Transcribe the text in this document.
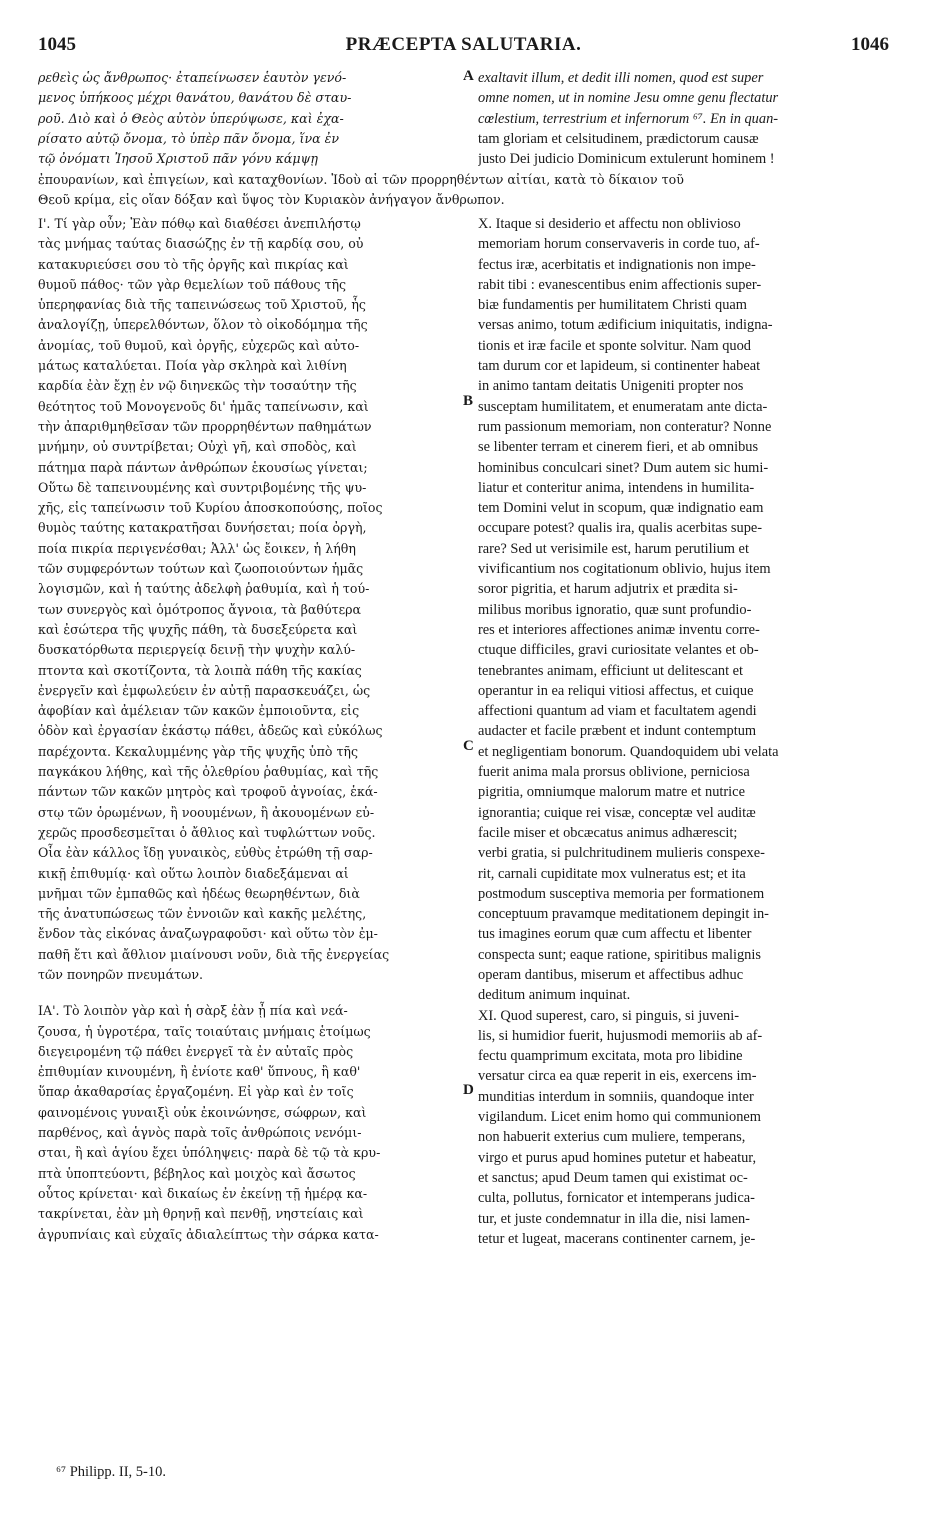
1045	PRÆCEPTA SALUTARIA.	1046
ρεθεὶς ὡς ἄνθρωπος· ἐταπείνωσεν ἑαυτὸν γενό-
μενος ὑπήκοος μέχρι θανάτου, θανάτου δὲ σταυ-
ροῦ. Διὸ καὶ ὁ Θεὸς αὐτὸν ὑπερύψωσε, καὶ ἐχα-
ρίσατο αὐτῷ ὄνομα, τὸ ὑπὲρ πᾶν ὄνομα, ἵνα ἐν
τῷ ὀνόματι Ἰησοῦ Χριστοῦ πᾶν γόνυ κάμψῃ
exaltavit illum, et dedit illi nomen, quod est super
omne nomen, ut in nomine Jesu omne genu flectatur
cœlestium, terrestrium et infernorum ⁶⁷. En in quan-
tam gloriam et celsitudinem, prædictorum causæ
justo Dei judicio Dominicum extulerunt hominem !
ἐπουρανίων, καὶ ἐπιγείων, καὶ καταχθονίων. Ἰδοὺ αἱ τῶν προρρηθέντων αἰτίαι, κατὰ τὸ δίκαιον τοῦ
Θεοῦ κρίμα, εἰς οἵαν δόξαν καὶ ὕψος τὸν Κυριακὸν ἀνήγαγον ἄνθρωπον.
Ι'. Τί γὰρ οὖν; Ἐὰν πόθῳ καὶ διαθέσει ἀνεπιλήστῳ
τὰς μνήμας ταύτας διασώζῃς ἐν τῇ καρδίᾳ σου, οὐ
κατακυριεύσει σου τὸ τῆς ὀργῆς καὶ πικρίας καὶ
θυμοῦ πάθος· τῶν γὰρ θεμελίων τοῦ πάθους τῆς
ὑπερηφανίας διὰ τῆς ταπεινώσεως τοῦ Χριστοῦ, ἧς
ἀναλογίζῃ, ὑπερελθόντων, ὅλον τὸ οἰκοδόμημα τῆς
ἀνομίας, τοῦ θυμοῦ, καὶ ὀργῆς, εὐχερῶς καὶ αὐτο-
μάτως καταλύεται. Ποία γὰρ σκληρὰ καὶ λιθίνη
καρδία ἐὰν ἔχῃ ἐν νῷ διηνεκῶς τὴν τοσαύτην τῆς
θεότητος τοῦ Μονογενοῦς δι' ἡμᾶς ταπείνωσιν, καὶ
τὴν ἀπαριθμηθεῖσαν τῶν προρρηθέντων παθημάτων
μνήμην, οὐ συντρίβεται; Οὐχὶ γῆ, καὶ σποδὸς, καὶ
πάτημα παρὰ πάντων ἀνθρώπων ἑκουσίως γίνεται;
Οὕτω δὲ ταπεινουμένης καὶ συντριβομένης τῆς ψυ-
χῆς, εἰς ταπείνωσιν τοῦ Κυρίου ἀποσκοπούσης, ποῖος
θυμὸς ταύτης κατακρατῆσαι δυνήσεται; ποία ὀργὴ,
ποία πικρία περιγενέσθαι; Ἀλλ' ὡς ἔοικεν, ἡ λήθη
τῶν συμφερόντων τούτων καὶ ζωοποιούντων ἡμᾶς
λογισμῶν, καὶ ἡ ταύτης ἀδελφὴ ῥαθυμία, καὶ ἡ τού-
των συνεργὸς καὶ ὁμότροπος ἄγνοια, τὰ βαθύτερα
καὶ ἐσώτερα τῆς ψυχῆς πάθη, τὰ δυσεξεύρετα καὶ
δυσκατόρθωτα περιεργείᾳ δεινῇ τὴν ψυχὴν καλύ-
πτοντα καὶ σκοτίζοντα, τὰ λοιπὰ πάθη τῆς κακίας
ἐνεργεῖν καὶ ἐμφωλεύειν ἐν αὐτῇ παρασκευάζει, ὡς
ἀφοβίαν καὶ ἀμέλειαν τῶν κακῶν ἐμποιοῦντα, εἰς
ὁδὸν καὶ ἐργασίαν ἑκάστῳ πάθει, ἀδεῶς καὶ εὐκόλως
παρέχοντα. Κεκαλυμμένης γὰρ τῆς ψυχῆς ὑπὸ τῆς
παγκάκου λήθης, καὶ τῆς ὀλεθρίου ῥαθυμίας, καὶ τῆς
πάντων τῶν κακῶν μητρὸς καὶ τροφοῦ ἀγνοίας, ἑκά-
στῳ τῶν ὁρωμένων, ἢ νοουμένων, ἢ ἀκουομένων εὐ-
χερῶς προσδεσμεῖται ὁ ἄθλιος καὶ τυφλώττων νοῦς.
Οἷα ἐὰν κάλλος ἴδῃ γυναικὸς, εὐθὺς ἐτρώθη τῇ σαρ-
κικῇ ἐπιθυμίᾳ· καὶ οὕτω λοιπὸν διαδεξάμεναι αἱ
μνῆμαι τῶν ἐμπαθῶς καὶ ἡδέως θεωρηθέντων, διὰ
τῆς ἀνατυπώσεως τῶν ἐννοιῶν καὶ κακῆς μελέτης,
ἔνδον τὰς εἰκόνας ἀναζωγραφοῦσι· καὶ οὕτω τὸν ἐμ-
παθῆ ἔτι καὶ ἄθλιον μιαίνουσι νοῦν, διὰ τῆς ἐνεργείας
τῶν πονηρῶν πνευμάτων.
ΙΑ'. Τὸ λοιπὸν γὰρ καὶ ἡ σὰρξ ἐὰν ᾖ πία καὶ νεά-
ζουσα, ἡ ὑγροτέρα, ταῖς τοιαύταις μνήμαις ἑτοίμως
διεγειρομένη τῷ πάθει ἐνεργεῖ τὰ ἐν αὐταῖς πρὸς
ἐπιθυμίαν κινουμένη, ἢ ἐνίοτε καθ' ὕπνους, ἢ καθ'
ὕπαρ ἀκαθαρσίας ἐργαζομένη. Εἰ γὰρ καὶ ἐν τοῖς
φαινομένοις γυναιξὶ οὐκ ἐκοινώνησε, σώφρων, καὶ
παρθένος, καὶ ἁγνὸς παρὰ τοῖς ἀνθρώποις νενόμι-
σται, ἢ καὶ ἁγίου ἔχει ὑπόληψεις· παρὰ δὲ τῷ τὰ κρυ-
πτὰ ὑποπτεύοντι, βέβηλος καὶ μοιχὸς καὶ ἄσωτος
οὗτος κρίνεται· καὶ δικαίως ἐν ἐκείνῃ τῇ ἡμέρᾳ κα-
τακρίνεται, ἐὰν μὴ θρηνῇ καὶ πενθῇ, νηστείαις καὶ
ἀγρυπνίαις καὶ εὐχαῖς ἀδιαλείπτως τὴν σάρκα κατα-
X. Itaque si desiderio et affectu non oblivioso
memoriam horum conservaveris in corde tuo, af-
fectus iræ, acerbitatis et indignationis non impe-
rabit tibi : evanescentibus enim affectionis super-
biæ fundamentis per humilitatem Christi quam
versas animo, totum ædificium iniquitatis, indigna-
tionis et iræ facile et sponte solvitur. Nam quod
tam durum cor et lapideum, si continenter habeat
in animo tantam deitatis Unigeniti propter nos
susceptam humilitatem, et enumeratam ante dicta-
rum passionum memoriam, non conteratur? Nonne
se libenter terram et cinerem fieri, et ab omnibus
hominibus conculcari sinet? Dum autem sic humi-
liatur et conteritur anima, intendens in humilita-
tem Domini velut in scopum, quæ indignatio eam
occupare potest? qualis ira, qualis acerbitas supe-
rare? Sed ut verisimile est, harum perutilium et
vivificantium nos cogitationum oblivio, hujus item
soror pigritia, et harum adjutrix et prædita si-
milibus moribus ignoratio, quæ sunt profundio-
res et interiores affectiones animæ inventu corre-
ctuque difficiles, gravi curiositate velantes et ob-
tenebrantes animam, efficiunt ut delitescant et
operantur in ea reliqui vitiosi affectus, et cuique
affectioni quantum ad viam et facultatem agendi
audacter et facile præbent et indunt contemptum
et negligentiam bonorum. Quandoquidem ubi velata
fuerit anima mala prorsus oblivione, perniciosa
pigritia, omniumque malorum matre et nutrice
ignorantia; cuique rei visæ, conceptæ vel auditæ
facile miser et obcæcatus animus adhærescit;
verbi gratia, si pulchritudinem mulieris conspexe-
rit, carnali cupiditate mox vulneratus est; et ita
postmodum susceptiva memoria per formationem
conceptuum pravamque meditationem depingit in-
tus imagines eorum quæ cum affectu et libenter
conspecta sunt; eaque ratione, spiritibus malignis
operam dantibus, miserum et affectibus adhuc
deditum animum inquinat.
XI. Quod superest, caro, si pinguis, si juveni-
lis, si humidior fuerit, hujusmodi memoriis ab af-
fectu quamprimum excitata, mota pro libidine
versatur circa ea quæ reperit in eis, exercens im-
munditias interdum in somniis, quandoque inter
vigilandum. Licet enim homo qui communionem
non habuerit exterius cum muliere, temperans,
virgo et purus apud homines putetur et habeatur,
et sanctus; apud Deum tamen qui existimat oc-
culta, pollutus, fornicator et intemperans judica-
tur, et juste condemnatur in illa die, nisi lamen-
tetur et lugeat, macerans continenter carnem, je-
A
B
C
D
⁶⁷ Philipp. II, 5-10.
